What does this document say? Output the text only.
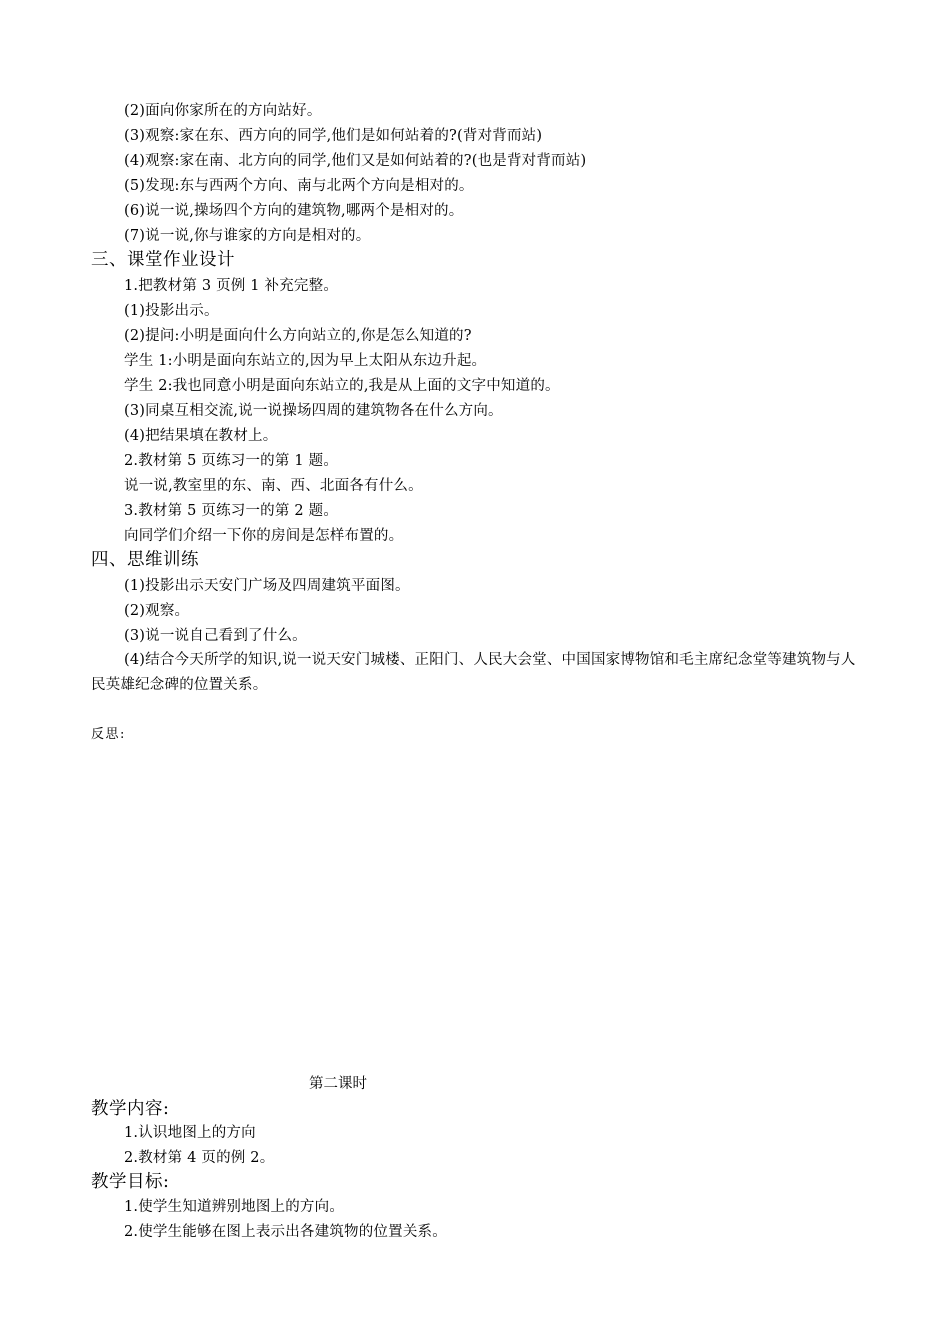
(2)面向你家所在的方向站好。
(3)观察:家在东、西方向的同学,他们是如何站着的?(背对背而站)
(4)观察:家在南、北方向的同学,他们又是如何站着的?(也是背对背而站)
(5)发现:东与西两个方向、南与北两个方向是相对的。
(6)说一说,操场四个方向的建筑物,哪两个是相对的。
(7)说一说,你与谁家的方向是相对的。
三、课堂作业设计
1.把教材第 3 页例 1 补充完整。
(1)投影出示。
(2)提问:小明是面向什么方向站立的,你是怎么知道的?
学生 1:小明是面向东站立的,因为早上太阳从东边升起。
学生 2:我也同意小明是面向东站立的,我是从上面的文字中知道的。
(3)同桌互相交流,说一说操场四周的建筑物各在什么方向。
(4)把结果填在教材上。
2.教材第 5 页练习一的第 1 题。
说一说,教室里的东、南、西、北面各有什么。
3.教材第 5 页练习一的第 2 题。
向同学们介绍一下你的房间是怎样布置的。
四、思维训练
(1)投影出示天安门广场及四周建筑平面图。
(2)观察。
(3)说一说自己看到了什么。
(4)结合今天所学的知识,说一说天安门城楼、正阳门、人民大会堂、中国国家博物馆和毛主席纪念堂等建筑物与人民英雄纪念碑的位置关系。
反思:
第二课时
教学内容:
1.认识地图上的方向
2.教材第 4 页的例 2。
教学目标:
1.使学生知道辨别地图上的方向。
2.使学生能够在图上表示出各建筑物的位置关系。
